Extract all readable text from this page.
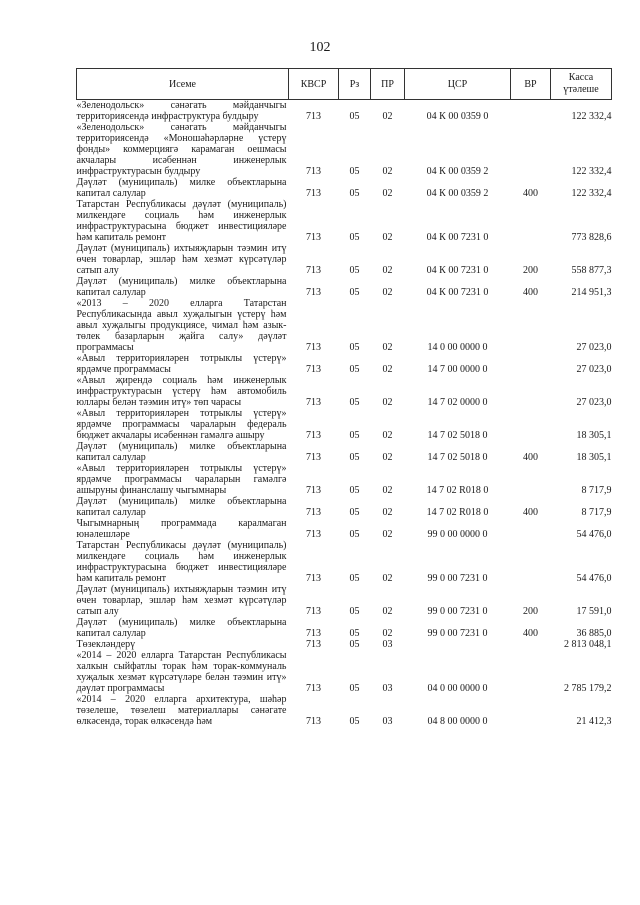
102
Исеме	КВСР	Рз	ПР	ЦСР	ВР	Касса
үтәлеше

«Зеленодольск» сәнәгать мәйданчыгы территориясендә инфраструктура булдыру	713	05	02	04 К 00 0359 0		122 332,4
«Зеленодольск» сәнәгать мәйданчыгы территориясендә «Моношәһәрләрне үстерү фонды» коммерциягә карамаган оешмасы акчалары исәбеннән инженерлык инфраструктурасын булдыру	713	05	02	04 К 00 0359 2		122 332,4
Дәүләт (муниципаль) милке объектларына капитал салулар	713	05	02	04 К 00 0359 2	400	122 332,4
Татарстан Республикасы дәүләт (муниципаль) милкендәге социаль һәм инженерлык инфраструктурасына бюджет инвестицияләре һәм капиталь ремонт	713	05	02	04 К 00 7231 0		773 828,6
Дәүләт (муниципаль) ихтыяҗларын тәэмин итү өчен товарлар, эшләр һәм хезмәт күрсәтүләр сатып алу	713	05	02	04 К 00 7231 0	200	558 877,3
Дәүләт (муниципаль) милке объектларына капитал салулар	713	05	02	04 К 00 7231 0	400	214 951,3
«2013 – 2020 елларга Татарстан Республикасында авыл хуҗалыгын үстерү һәм авыл хуҗалыгы продукциясе, чимал һәм азык-төлек базарларын җайга салу» дәүләт программасы	713	05	02	14 0 00 0000 0		27 023,0
«Авыл территорияләрен тотрыклы үстерү» ярдәмче программасы	713	05	02	14 7 00 0000 0		27 023,0
«Авыл җирендә социаль һәм инженерлык инфраструктурасын үстерү һәм автомобиль юллары белән тәэмин итү» төп чарасы	713	05	02	14 7 02 0000 0		27 023,0
«Авыл территорияләрен тотрыклы үстерү» ярдәмче программасы чараларын федераль бюджет акчалары исәбеннән гамәлгә ашыру	713	05	02	14 7 02 5018 0		18 305,1
Дәүләт (муниципаль) милке объектларына капитал салулар	713	05	02	14 7 02 5018 0	400	18 305,1
«Авыл территорияләрен тотрыклы үстерү» ярдәмче программасы чараларын гамәлгә ашыруны финанслашу чыгымнары	713	05	02	14 7 02 R018 0		8 717,9
Дәүләт (муниципаль) милке объектларына капитал салулар	713	05	02	14 7 02 R018 0	400	8 717,9
Чыгымнарның программада каралмаган юнәлешләре	713	05	02	99 0 00 0000 0		54 476,0
Татарстан Республикасы дәүләт (муниципаль) милкендәге социаль һәм инженерлык инфраструктурасына бюджет инвестицияләре һәм капиталь ремонт	713	05	02	99 0 00 7231 0		54 476,0
Дәүләт (муниципаль) ихтыяҗларын тәэмин итү өчен товарлар, эшләр һәм хезмәт күрсәтүләр сатып алу	713	05	02	99 0 00 7231 0	200	17 591,0
Дәүләт (муниципаль) милке объектларына капитал салулар	713	05	02	99 0 00 7231 0	400	36 885,0
Төзекләндерү	713	05	03			2 813 048,1
«2014 – 2020 елларга Татарстан Республикасы халкын сыйфатлы торак һәм торак-коммуналь хуҗалык хезмәт күрсәтүләре белән тәэмин итү» дәүләт программасы	713	05	03	04 0 00 0000 0		2 785 179,2
«2014 – 2020 елларга архитектура, шәһәр төзелеше, төзелеш материаллары сәнәгате өлкәсендә, торак өлкәсендә һәм	713	05	03	04 8 00 0000 0		21 412,3
